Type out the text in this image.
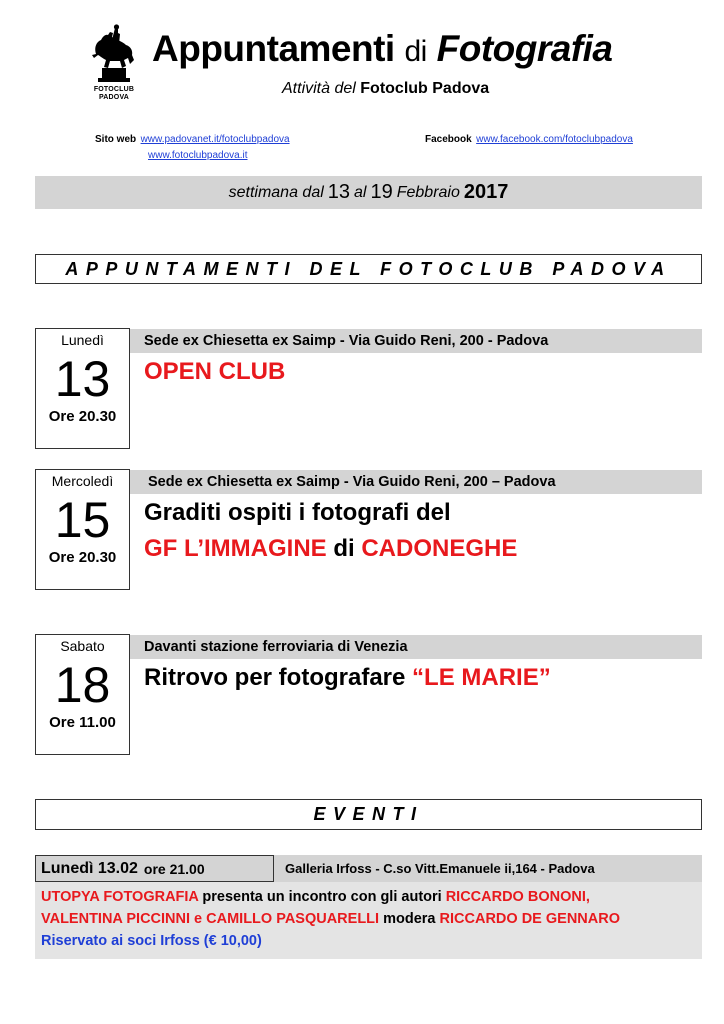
FOTOCLUB
PADOVA
Appuntamenti di Fotografia
Attività del Fotoclub Padova
Sito web www.padovanet.it/fotoclubpadova
www.fotoclubpadova.it
Facebook www.facebook.com/fotoclubpadova
settimana dal 13 al 19 Febbraio 2017
APPUNTAMENTI DEL FOTOCLUB PADOVA
Lunedì
13
Ore 20.30
Sede ex Chiesetta ex Saimp - Via Guido Reni, 200 - Padova
OPEN CLUB
Mercoledì
15
Ore 20.30
Sede ex Chiesetta ex Saimp - Via Guido Reni, 200 – Padova
Graditi ospiti i fotografi del
GF L’IMMAGINE di CADONEGHE
Sabato
18
Ore 11.00
Davanti stazione ferroviaria di Venezia
Ritrovo per fotografare “LE MARIE”
EVENTI
Lunedì 13.02 ore 21.00	Galleria Irfoss - C.so Vitt.Emanuele ii,164 - Padova
UTOPYA FOTOGRAFIA presenta un incontro con gli autori RICCARDO BONONI,
VALENTINA PICCINNI e CAMILLO PASQUARELLI modera RICCARDO DE GENNARO
Riservato ai soci Irfoss (€ 10,00)
